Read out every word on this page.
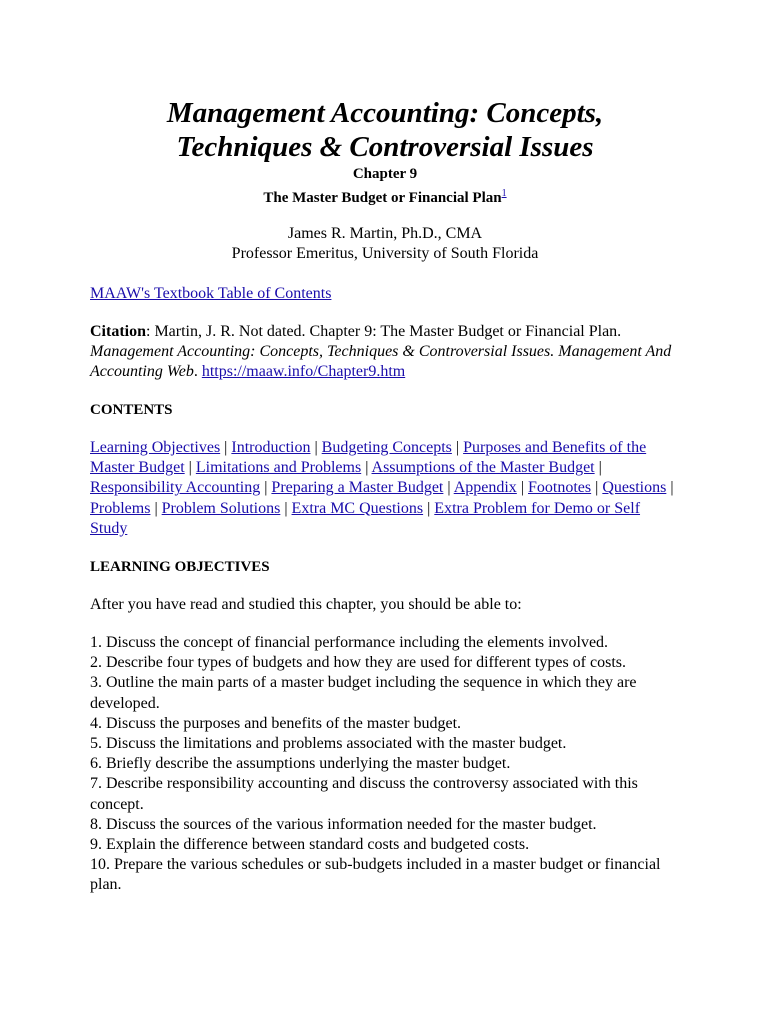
Management Accounting: Concepts,
Techniques & Controversial Issues

Chapter 9

The Master Budget or Financial Plan$^1$

James R. Martin, Ph.D., CMA
Professor Emeritus, University of South Florida

MAAW's Textbook Table of Contents

Citation: Martin, J. R. Not dated. Chapter 9: The Master Budget or Financial Plan. Management Accounting: Concepts, Techniques & Controversial Issues. Management And Accounting Web. https://maaw.info/Chapter9.htm

CONTENTS

Learning Objectives | Introduction | Budgeting Concepts | Purposes and Benefits of the Master Budget | Limitations and Problems | Assumptions of the Master Budget | Responsibility Accounting | Preparing a Master Budget | Appendix | Footnotes | Questions | Problems | Problem Solutions | Extra MC Questions | Extra Problem for Demo or Self Study

LEARNING OBJECTIVES

After you have read and studied this chapter, you should be able to:

1. Discuss the concept of financial performance including the elements involved.
2. Describe four types of budgets and how they are used for different types of costs.
3. Outline the main parts of a master budget including the sequence in which they are developed.
4. Discuss the purposes and benefits of the master budget.
5. Discuss the limitations and problems associated with the master budget.
6. Briefly describe the assumptions underlying the master budget.
7. Describe responsibility accounting and discuss the controversy associated with this concept.
8. Discuss the sources of the various information needed for the master budget.
9. Explain the difference between standard costs and budgeted costs.
10. Prepare the various schedules or sub-budgets included in a master budget or financial plan.
